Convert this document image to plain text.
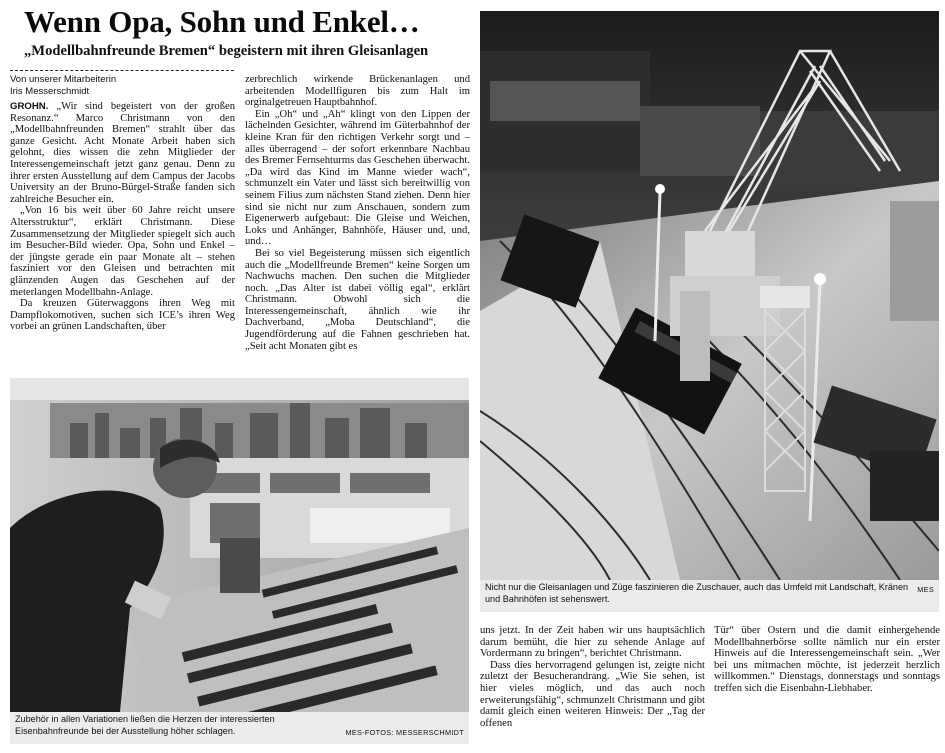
Wenn Opa, Sohn und Enkel…
„Modellbahnfreunde Bremen“ begeistern mit ihren Gleisanlagen
Von unserer Mitarbeiterin
Iris Messerschmidt

GROHN. „Wir sind begeistert von der großen Resonanz.“ Marco Christmann von den „Modellbahnfreunden Bremen“ strahlt über das ganze Gesicht. Acht Monate Arbeit haben sich gelohnt, dies wissen die zehn Mitglieder der Interessengemeinschaft jetzt ganz genau. Denn zu ihrer ersten Ausstellung auf dem Campus der Jacobs University an der Bruno-Bürgel-Straße fanden sich zahlreiche Besucher ein.

„Von 16 bis weit über 60 Jahre reicht unsere Altersstruktur“, erklärt Christmann. Diese Zusammensetzung der Mitglieder spiegelt sich auch im Besucher-Bild wieder. Opa, Sohn und Enkel – der jüngste gerade ein paar Monate alt – stehen fasziniert vor den Gleisen und betrachten mit glänzenden Augen das Geschehen auf der meterlangen Modellbahn-Anlage.

Da kreuzen Güterwaggons ihren Weg mit Dampflokomotiven, suchen sich ICE’s ihren Weg vorbei an grünen Landschaften, über

zerbrechlich wirkende Brückenanlagen und arbeitenden Modellfiguren bis zum Halt im orginalgetreuen Hauptbahnhof.

Ein „Oh“ und „Ah“ klingt von den Lippen der lächelnden Gesichter, während im Güterbahnhof der kleine Kran für den richtigen Verkehr sorgt und – alles überragend – der sofort erkennbare Nachbau des Bremer Fernsehturms das Geschehen überwacht. „Da wird das Kind im Manne wieder wach“, schmunzelt ein Vater und lässt sich bereitwillig von seinem Filius zum nächsten Stand ziehen. Denn hier sind sie nicht nur zum Anschauen, sondern zum Eigenerwerb aufgebaut: Die Gleise und Weichen, Loks und Anhänger, Bahnhöfe, Häuser und, und, und…

Bei so viel Begeisterung müssen sich eigentlich auch die „Modellfreunde Bremen“ keine Sorgen um Nachwuchs machen. Den suchen die Mitglieder noch. „Das Alter ist dabei völlig egal“, erklärt Christmann. Obwohl sich die Interessengemeinschaft, ähnlich wie ihr Dachverband, „Moba Deutschland“, die Jugendförderung auf die Fahnen geschrieben hat. „Seit acht Monaten gibt es

MES
Nicht nur die Gleisanlagen und Züge faszinieren die Zuschauer, auch das Umfeld mit Landschaft, Kränen und Bahnhöfen ist sehenswert.
MES-FOTOS: MESSERSCHMIDT
Zubehör in allen Variationen ließen die Herzen der interessierten Eisenbahnfreunde bei der Ausstellung höher schlagen.

uns jetzt. In der Zeit haben wir uns hauptsächlich darum bemüht, die hier zu sehende Anlage auf Vordermann zu bringen“, berichtet Christmann.

Dass dies hervorragend gelungen ist, zeigte nicht zuletzt der Besucherandrang. „Wie Sie sehen, ist hier vieles möglich, und das auch noch erweiterungsfähig“, schmunzelt Christmann und gibt damit gleich einen weiteren Hinweis: Der „Tag der offenen

Tür“ über Ostern und die damit einhergehende Modellbahnerbörse sollte nämlich nur ein erster Hinweis auf die Interessengemeinschaft sein. „Wer bei uns mitmachen möchte, ist jederzeit herzlich willkommen.“ Dienstags, donnerstags und sonntags treffen sich die Eisenbahn-Liebhaber.
